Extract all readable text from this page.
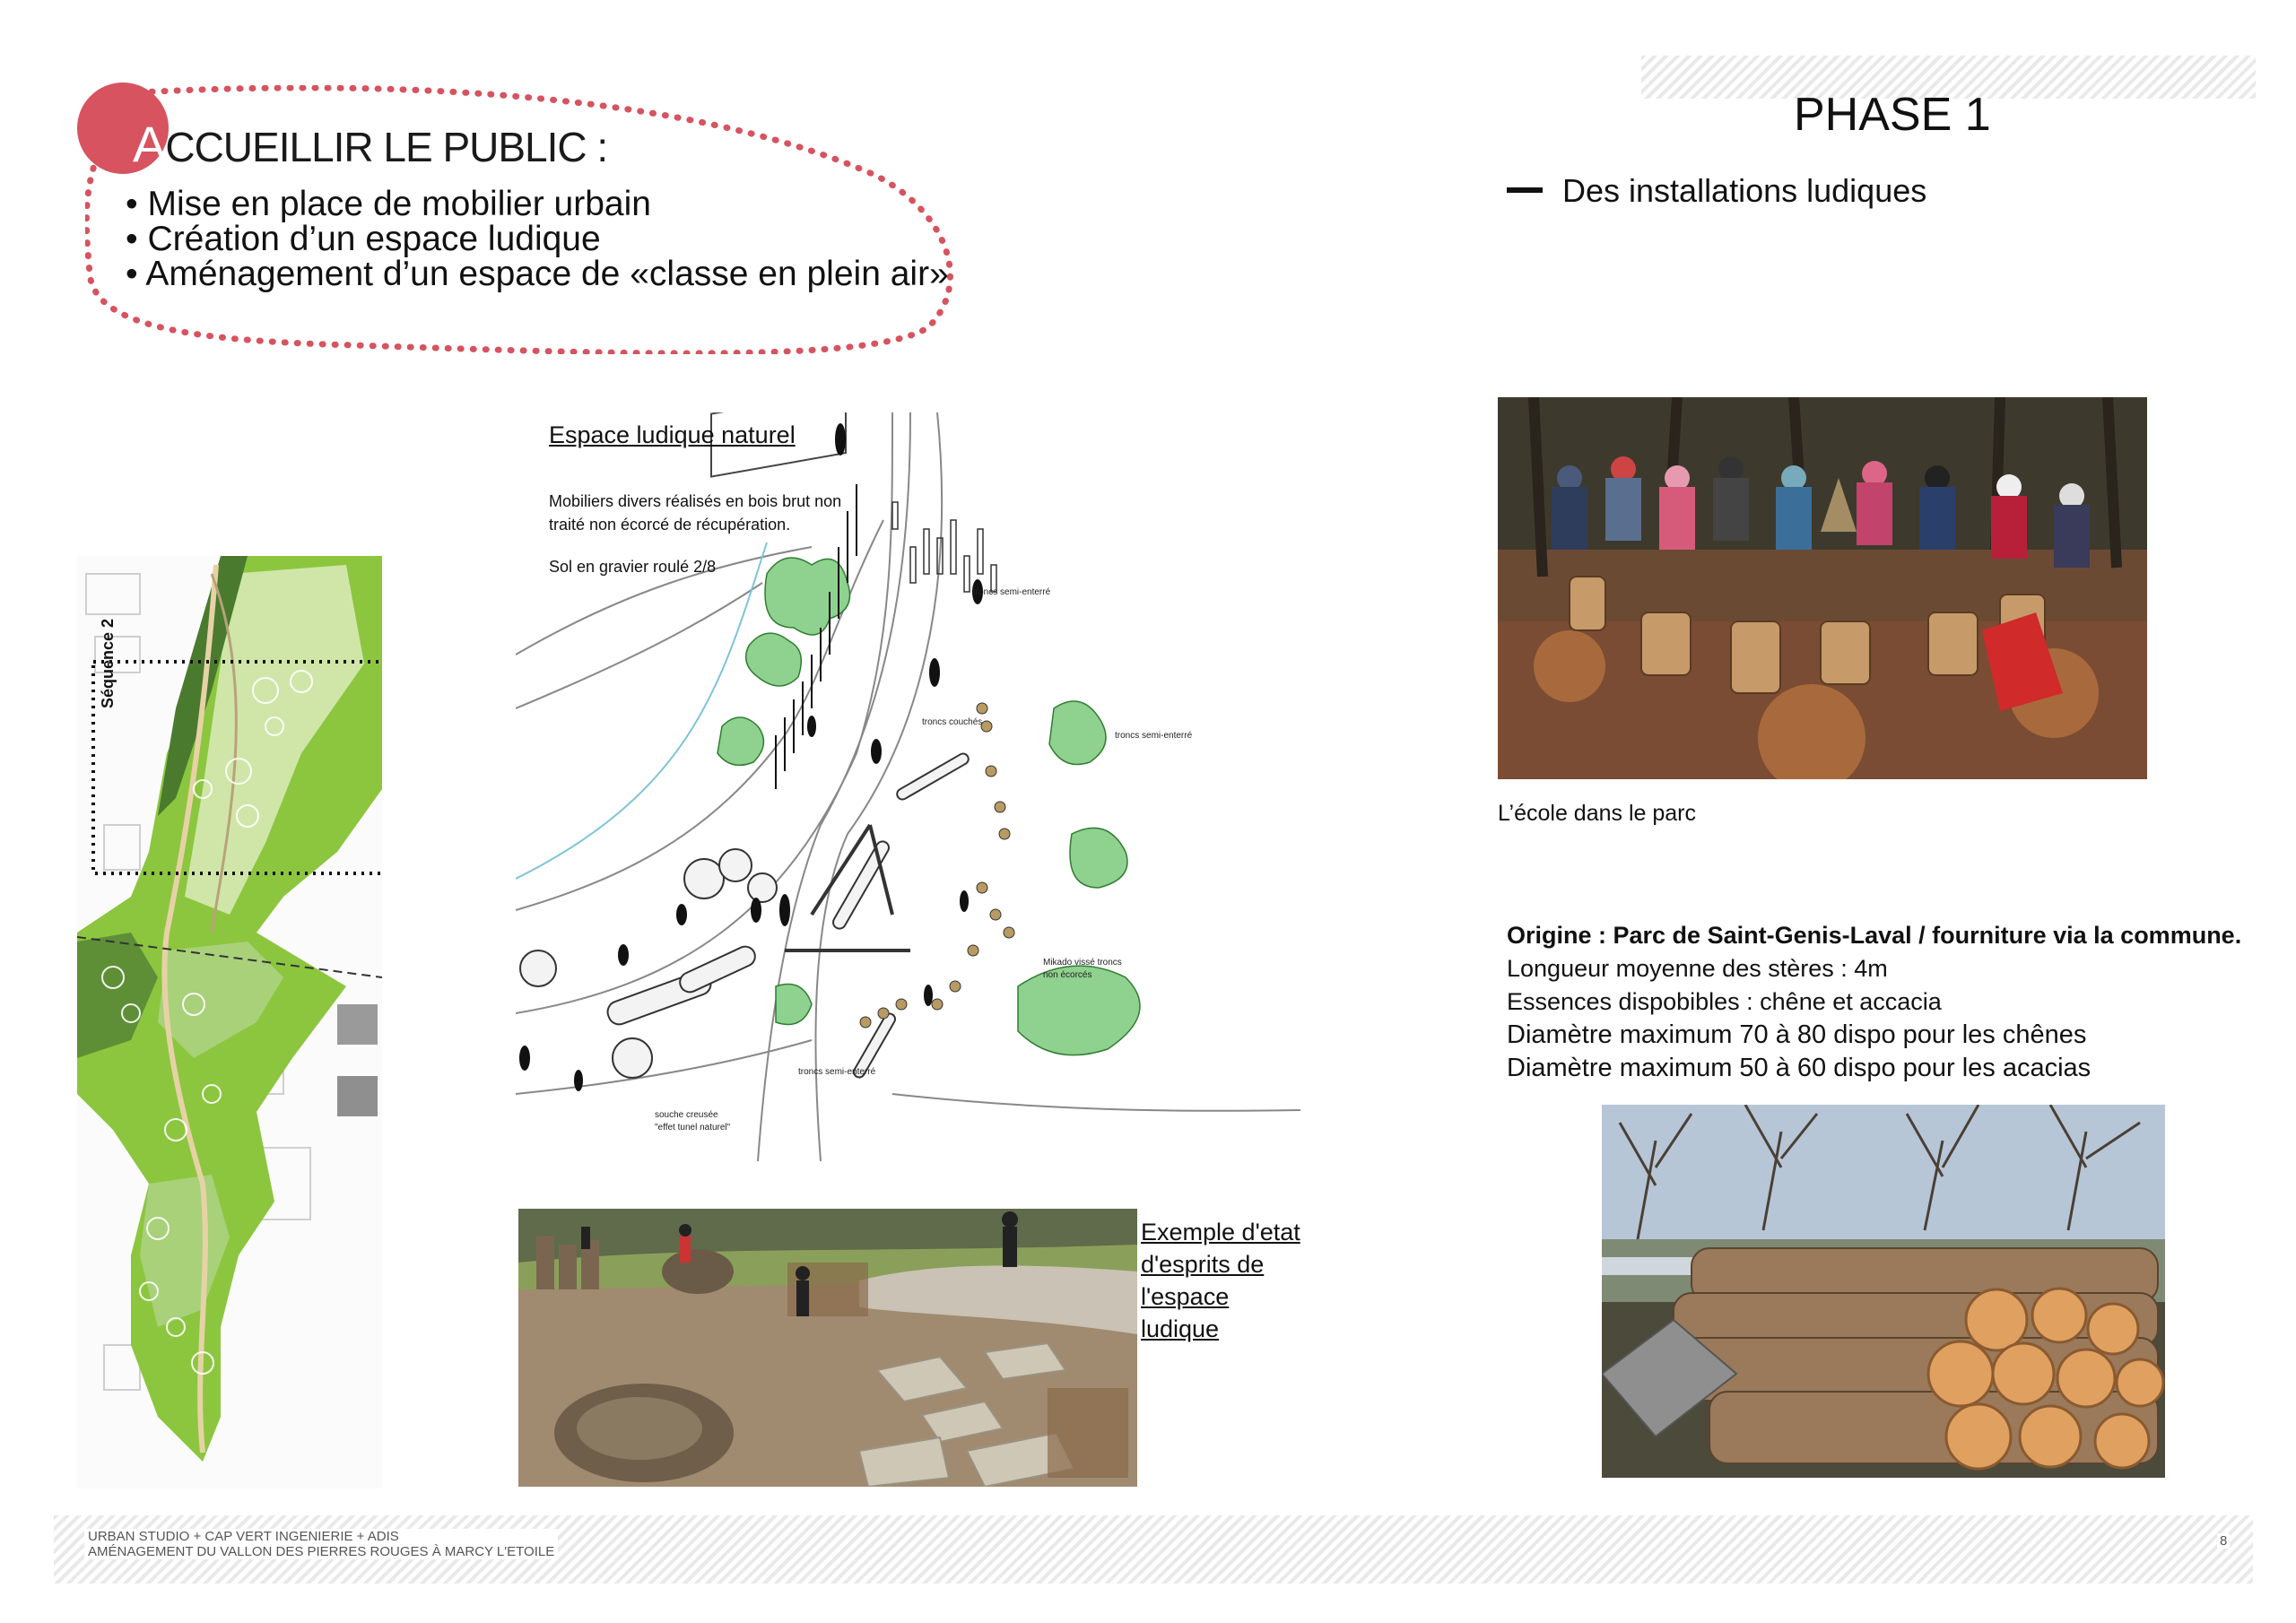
ACCUEILLIR LE PUBLIC :
• Mise en place de mobilier urbain
• Création d’un espace ludique
• Aménagement d’un espace de «classe en plein air»
PHASE 1
Des installations ludiques
Séquence 2
Espace ludique naturel
Mobiliers divers réalisés en bois brut non
traité non écorcé de récupération.
Sol en gravier roulé 2/8
troncs semi-enterré
troncs couchés
troncs semi-enterré
Mikado vissé troncs
non écorcés
troncs semi-enterré
souche creusée
"effet tunel naturel"
L’école dans le parc
Exemple d'etat
d'esprits de
l'espace
ludique
Origine : Parc de Saint-Genis-Laval / fourniture via la commune.
Longueur moyenne des stères : 4m
Essences dispobibles : chêne et accacia
Diamètre maximum 70 à 80 dispo pour les chênes
Diamètre maximum 50 à 60 dispo pour les acacias
URBAN STUDIO + CAP VERT INGENIERIE + ADIS
AMÉNAGEMENT DU VALLON DES PIERRES ROUGES À MARCY L'ETOILE
8
